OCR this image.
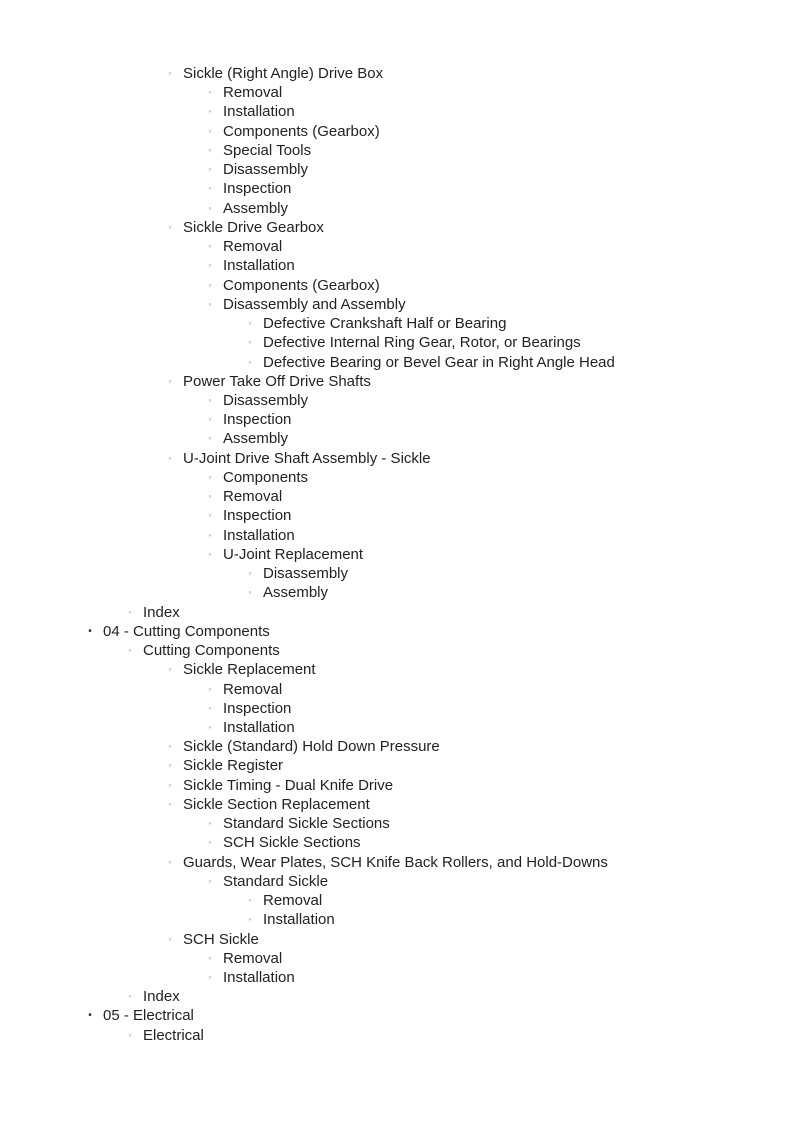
◦ Sickle (Right Angle) Drive Box
◦ Removal
◦ Installation
◦ Components (Gearbox)
◦ Special Tools
◦ Disassembly
◦ Inspection
◦ Assembly
◦ Sickle Drive Gearbox
◦ Removal
◦ Installation
◦ Components (Gearbox)
◦ Disassembly and Assembly
◦ Defective Crankshaft Half or Bearing
◦ Defective Internal Ring Gear, Rotor, or Bearings
◦ Defective Bearing or Bevel Gear in Right Angle Head
◦ Power Take Off Drive Shafts
◦ Disassembly
◦ Inspection
◦ Assembly
◦ U-Joint Drive Shaft Assembly - Sickle
◦ Components
◦ Removal
◦ Inspection
◦ Installation
◦ U-Joint Replacement
◦ Disassembly
◦ Assembly
◦ Index
• 04 - Cutting Components
◦ Cutting Components
◦ Sickle Replacement
◦ Removal
◦ Inspection
◦ Installation
◦ Sickle (Standard) Hold Down Pressure
◦ Sickle Register
◦ Sickle Timing - Dual Knife Drive
◦ Sickle Section Replacement
◦ Standard Sickle Sections
◦ SCH Sickle Sections
◦ Guards, Wear Plates, SCH Knife Back Rollers, and Hold-Downs
◦ Standard Sickle
◦ Removal
◦ Installation
◦ SCH Sickle
◦ Removal
◦ Installation
◦ Index
• 05 - Electrical
◦ Electrical
